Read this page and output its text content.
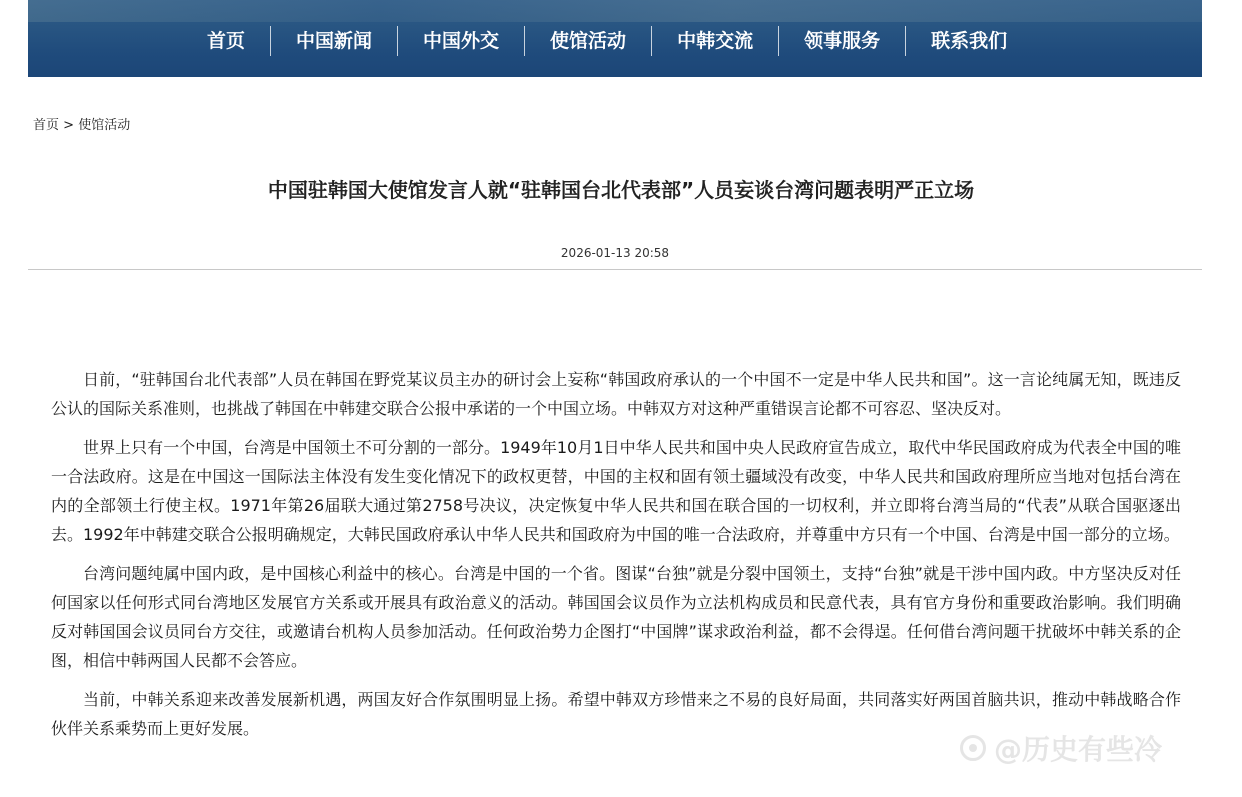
首页	中国新闻	中国外交	使馆活动	中韩交流	领事服务	联系我们
首页 > 使馆活动
中国驻韩国大使馆发言人就“驻韩国台北代表部”人员妄谈台湾问题表明严正立场
2026-01-13 20:58

日前，“驻韩国台北代表部”人员在韩国在野党某议员主办的研讨会上妄称“韩国政府承认的一个中国不一定是中华人民共和国”。这一言论纯属无知，既违反公认的国际关系准则，也挑战了韩国在中韩建交联合公报中承诺的一个中国立场。中韩双方对这种严重错误言论都不可容忍、坚决反对。

世界上只有一个中国，台湾是中国领土不可分割的一部分。1949年10月1日中华人民共和国中央人民政府宣告成立，取代中华民国政府成为代表全中国的唯一合法政府。这是在中国这一国际法主体没有发生变化情况下的政权更替，中国的主权和固有领土疆域没有改变，中华人民共和国政府理所应当地对包括台湾在内的全部领土行使主权。1971年第26届联大通过第2758号决议，决定恢复中华人民共和国在联合国的一切权利，并立即将台湾当局的“代表”从联合国驱逐出去。1992年中韩建交联合公报明确规定，大韩民国政府承认中华人民共和国政府为中国的唯一合法政府，并尊重中方只有一个中国、台湾是中国一部分的立场。

台湾问题纯属中国内政，是中国核心利益中的核心。台湾是中国的一个省。图谋“台独”就是分裂中国领土，支持“台独”就是干涉中国内政。中方坚决反对任何国家以任何形式同台湾地区发展官方关系或开展具有政治意义的活动。韩国国会议员作为立法机构成员和民意代表，具有官方身份和重要政治影响。我们明确反对韩国国会议员同台方交往，或邀请台机构人员参加活动。任何政治势力企图打“中国牌”谋求政治利益，都不会得逞。任何借台湾问题干扰破坏中韩关系的企图，相信中韩两国人民都不会答应。

当前，中韩关系迎来改善发展新机遇，两国友好合作氛围明显上扬。希望中韩双方珍惜来之不易的良好局面，共同落实好两国首脑共识，推动中韩战略合作伙伴关系乘势而上更好发展。

@历史有些冷
